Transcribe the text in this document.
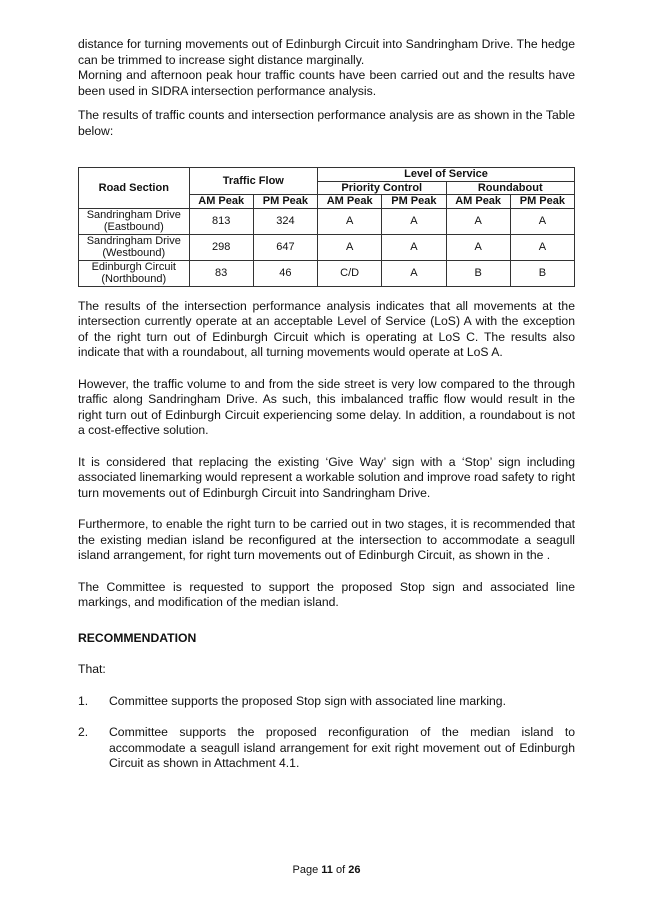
distance for turning movements out of Edinburgh Circuit into Sandringham Drive. The hedge can be trimmed to increase sight distance marginally.

Morning and afternoon peak hour traffic counts have been carried out and the results have been used in SIDRA intersection performance analysis.

The results of traffic counts and intersection performance analysis are as shown in the Table below:

Road Section	Traffic Flow		Level of Service			
			Priority Control		Roundabout	
	AM Peak	PM Peak	AM Peak	PM Peak	AM Peak	PM Peak
Sandringham Drive
(Eastbound)	813	324	A	A	A	A
Sandringham Drive
(Westbound)	298	647	A	A	A	A
Edinburgh Circuit
(Northbound)	83	46	C/D	A	B	B

The results of the intersection performance analysis indicates that all movements at the intersection currently operate at an acceptable Level of Service (LoS) A with the exception of the right turn out of Edinburgh Circuit which is operating at LoS C. The results also indicate that with a roundabout, all turning movements would operate at LoS A.

However, the traffic volume to and from the side street is very low compared to the through traffic along Sandringham Drive. As such, this imbalanced traffic flow would result in the right turn out of Edinburgh Circuit experiencing some delay. In addition, a roundabout is not a cost-effective solution.

It is considered that replacing the existing ‘Give Way’ sign with a ‘Stop’ sign including associated linemarking would represent a workable solution and improve road safety to right turn movements out of Edinburgh Circuit into Sandringham Drive.

Furthermore, to enable the right turn to be carried out in two stages, it is recommended that the existing median island be reconfigured at the intersection to accommodate a seagull island arrangement, for right turn movements out of Edinburgh Circuit, as shown in the .

The Committee is requested to support the proposed Stop sign and associated line markings, and modification of the median island.

RECOMMENDATION

That:

1.	Committee supports the proposed Stop sign with associated line marking.
2.	Committee supports the proposed reconfiguration of the median island to accommodate a seagull island arrangement for exit right movement out of Edinburgh Circuit as shown in Attachment 4.1.
Page 11 of 26
